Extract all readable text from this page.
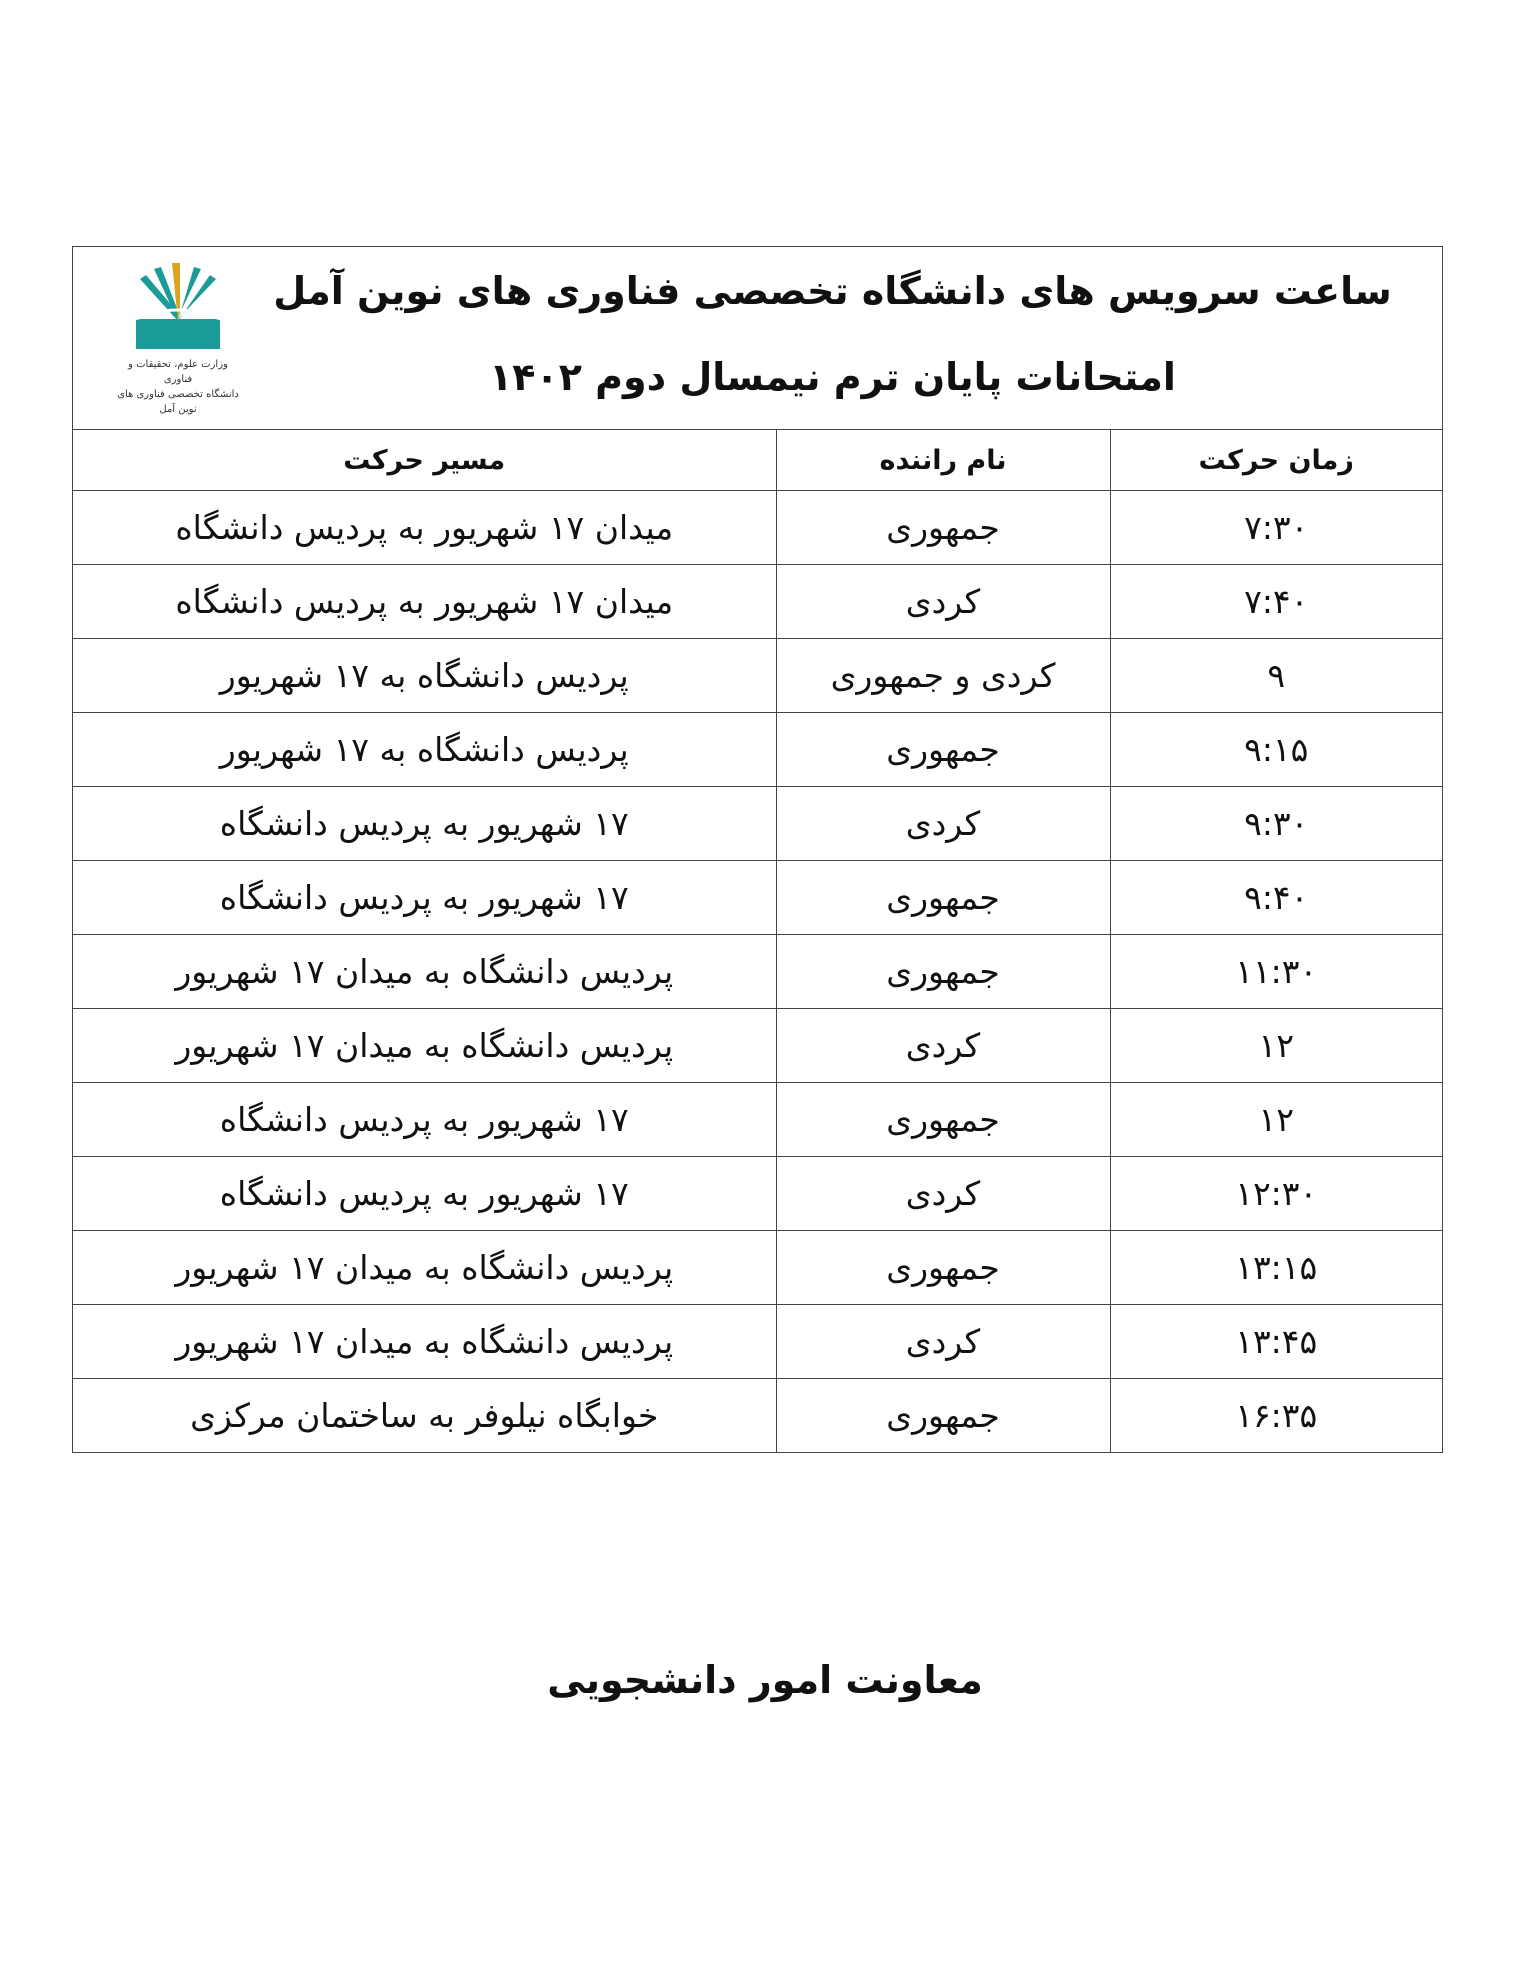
ساعت سرویس های دانشگاه تخصصی فناوری های نوین آمل
امتحانات پایان ترم نیمسال دوم ۱۴۰۲
وزارت علوم، تحقیقات و فناوری
دانشگاه تخصصی فناوری های نوین آمل
زمان حرکت	نام راننده	مسیر حرکت
۷:۳۰	جمهوری	میدان ۱۷ شهریور به پردیس دانشگاه
۷:۴۰	کردی	میدان ۱۷ شهریور به پردیس دانشگاه
۹	کردی و جمهوری	پردیس دانشگاه به ۱۷ شهریور
۹:۱۵	جمهوری	پردیس دانشگاه به ۱۷ شهریور
۹:۳۰	کردی	۱۷ شهریور به پردیس دانشگاه
۹:۴۰	جمهوری	۱۷ شهریور به پردیس دانشگاه
۱۱:۳۰	جمهوری	پردیس دانشگاه به میدان ۱۷ شهریور
۱۲	کردی	پردیس دانشگاه به میدان ۱۷ شهریور
۱۲	جمهوری	۱۷ شهریور به پردیس دانشگاه
۱۲:۳۰	کردی	۱۷ شهریور به پردیس دانشگاه
۱۳:۱۵	جمهوری	پردیس دانشگاه به میدان ۱۷ شهریور
۱۳:۴۵	کردی	پردیس دانشگاه به میدان ۱۷ شهریور
۱۶:۳۵	جمهوری	خوابگاه نیلوفر به ساختمان مرکزی
معاونت امور دانشجویی
